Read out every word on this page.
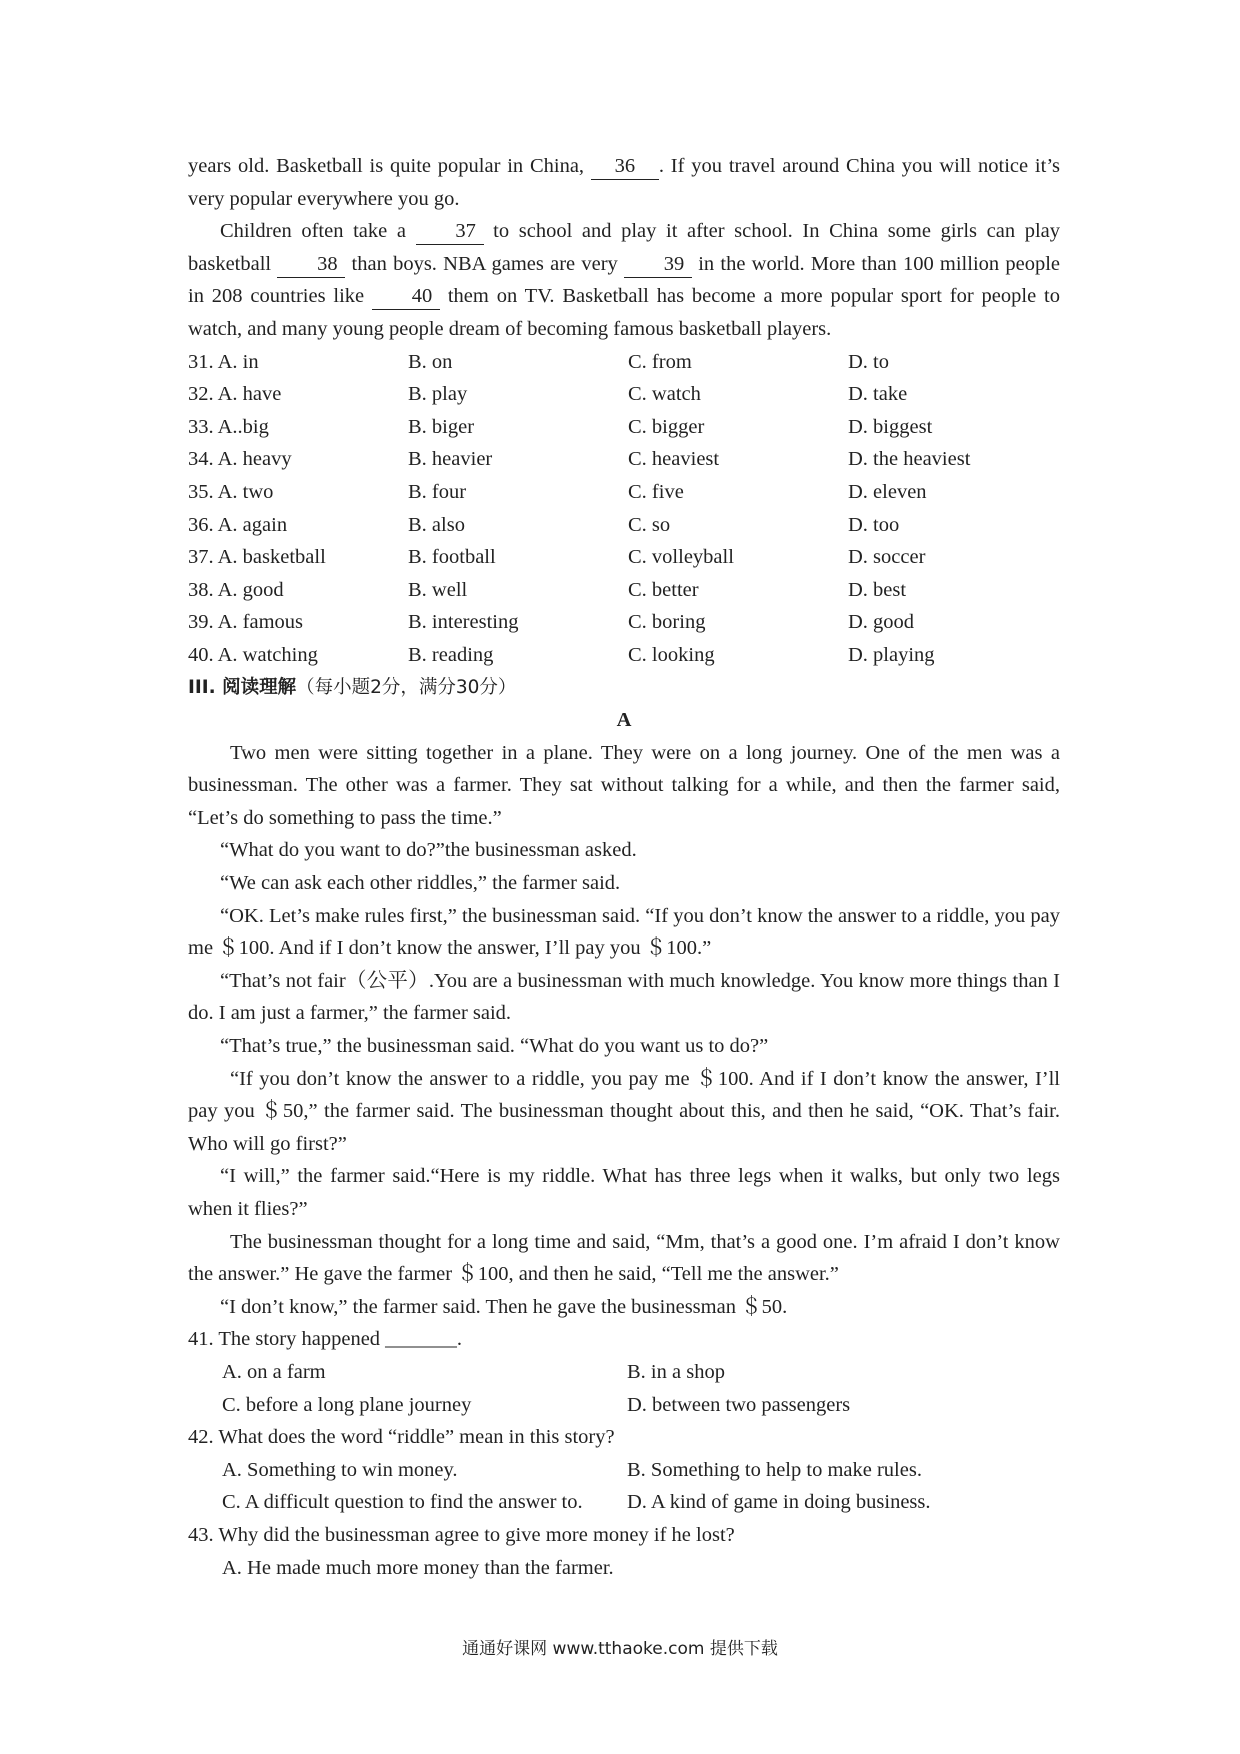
years old. Basketball is quite popular in China, 36 . If you travel around China you will notice it’s very popular everywhere you go.

Children often take a 37 to school and play it after school. In China some girls can play basketball 38 than boys. NBA games are very 39 in the world. More than 100 million people in 208 countries like 40 them on TV. Basketball has become a more popular sport for people to watch, and many young people dream of becoming famous basketball players.

31. A. in	B. on	C. from	D. to
32. A. have	B. play	C. watch	D. take
33. A..big	B. biger	C. bigger	D. biggest
34. A. heavy	B. heavier	C. heaviest	D. the heaviest
35. A. two	B. four	C. five	D. eleven
36. A. again	B. also	C. so	D. too
37. A. basketball	B. football	C. volleyball	D. soccer
38. A. good	B. well	C. better	D. best
39. A. famous	B. interesting	C. boring	D. good
40. A. watching	B. reading	C. looking	D. playing

III. 阅读理解（每小题2分，满分30分）

A

Two men were sitting together in a plane. They were on a long journey. One of the men was a businessman. The other was a farmer. They sat without talking for a while, and then the farmer said, “Let’s do something to pass the time.”

“What do you want to do?”the businessman asked.

“We can ask each other riddles,” the farmer said.

“OK. Let’s make rules first,” the businessman said. “If you don’t know the answer to a riddle, you pay me ＄100. And if I don’t know the answer, I’ll pay you ＄100.”

“That’s not fair（公平）.You are a businessman with much knowledge. You know more things than I do. I am just a farmer,” the farmer said.

“That’s true,” the businessman said. “What do you want us to do?”

“If you don’t know the answer to a riddle, you pay me ＄100. And if I don’t know the answer, I’ll pay you ＄50,” the farmer said. The businessman thought about this, and then he said, “OK. That’s fair. Who will go first?”

“I will,” the farmer said.“Here is my riddle. What has three legs when it walks, but only two legs when it flies?”

The businessman thought for a long time and said, “Mm, that’s a good one. I’m afraid I don’t know the answer.” He gave the farmer ＄100, and then he said, “Tell me the answer.”

“I don’t know,” the farmer said. Then he gave the businessman ＄50.

41. The story happened _______.

A. on a farm	B. in a shop
C. before a long plane journey	D. between two passengers

42. What does the word “riddle” mean in this story?

A. Something to win money.	B. Something to help to make rules.
C. A difficult question to find the answer to.	D. A kind of game in doing business.

43. Why did the businessman agree to give more money if he lost?

A. He made much more money than the farmer.

通通好课网 www.tthaoke.com 提供下载
